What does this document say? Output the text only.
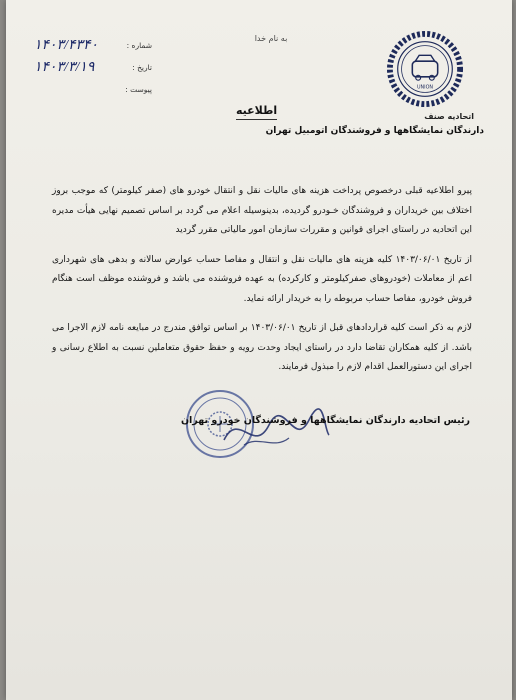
به نام خدا
شماره :
۱۴۰۳/۴۳۴۰
تاریخ :
۱۴۰۳/۳/۱۹
پیوست :	UNION
اتحادیه صنف
دارندگان نمایشگاهها و فروشندگان اتومبیل تهران
اطلاعیه

پیرو اطلاعیه قبلی درخصوص پرداخت هزینه های مالیات نقل و انتقال خودرو های (صفر کیلومتر) که موجب بروز اختلاف بین خریداران و فروشندگان خـودرو گردیده، بدینوسیله اعلام می گردد بر اساس تصمیم نهایی هیأت مدیره این اتحادیه در راستای اجرای قوانین و مقررات سازمان امور مالیاتی مقرر گردید

از تاریخ ۱۴۰۳/۰۶/۰۱ کلیه هزینه های مالیات نقل و انتقال و مفاصا حساب عوارض سالانه و بدهی های شهرداری اعم از معاملات (خودروهای صفرکیلومتر و کارکرده) به عهده فروشنده می باشد و فروشنده موظف است هنگام فروش خودرو، مفاصا حساب مربوطه را به خریدار ارائه نماید.

لازم به ذکر است کلیه قراردادهای قبل از تاریخ ۱۴۰۳/۰۶/۰۱ بر اساس توافق مندرج در مبایعه نامه لازم الاجرا می باشد. از کلیه همکاران تقاضا دارد در راستای ایجاد وحدت رویه و حفظ حقوق متعاملین نسبت به اطلاع رسانی و اجرای این دستورالعمل اقدام لازم را مبذول فرمایند.

رئیس اتحادیه دارندگان نمایشگاهها و فروشندگان خودرو تهران
